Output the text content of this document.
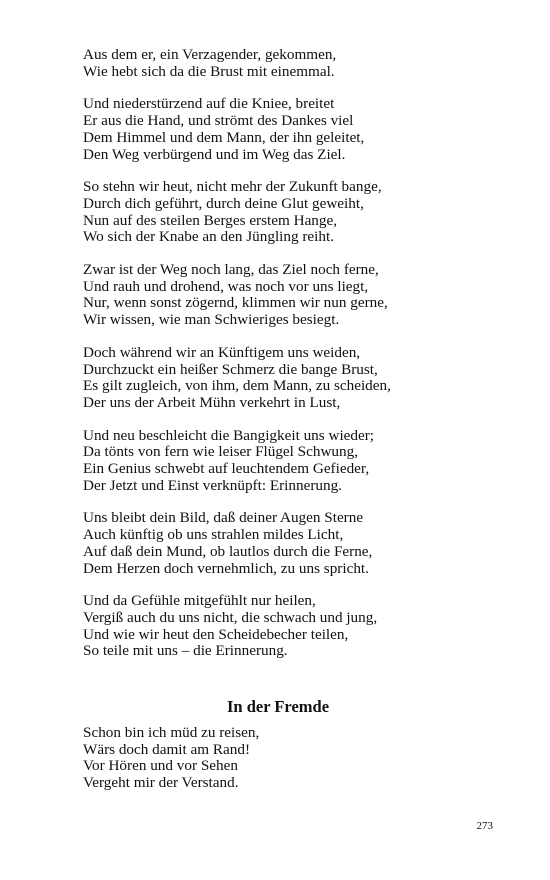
Aus dem er, ein Verzagender, gekommen,
Wie hebt sich da die Brust mit einemmal.
Und niederstürzend auf die Kniee, breitet
Er aus die Hand, und strömt des Dankes viel
Dem Himmel und dem Mann, der ihn geleitet,
Den Weg verbürgend und im Weg das Ziel.
So stehn wir heut, nicht mehr der Zukunft bange,
Durch dich geführt, durch deine Glut geweiht,
Nun auf des steilen Berges erstem Hange,
Wo sich der Knabe an den Jüngling reiht.
Zwar ist der Weg noch lang, das Ziel noch ferne,
Und rauh und drohend, was noch vor uns liegt,
Nur, wenn sonst zögernd, klimmen wir nun gerne,
Wir wissen, wie man Schwieriges besiegt.
Doch während wir an Künftigem uns weiden,
Durchzuckt ein heißer Schmerz die bange Brust,
Es gilt zugleich, von ihm, dem Mann, zu scheiden,
Der uns der Arbeit Mühn verkehrt in Lust,
Und neu beschleicht die Bangigkeit uns wieder;
Da tönts von fern wie leiser Flügel Schwung,
Ein Genius schwebt auf leuchtendem Gefieder,
Der Jetzt und Einst verknüpft: Erinnerung.
Uns bleibt dein Bild, daß deiner Augen Sterne
Auch künftig ob uns strahlen mildes Licht,
Auf daß dein Mund, ob lautlos durch die Ferne,
Dem Herzen doch vernehmlich, zu uns spricht.
Und da Gefühle mitgefühlt nur heilen,
Vergiß auch du uns nicht, die schwach und jung,
Und wie wir heut den Scheidebecher teilen,
So teile mit uns – die Erinnerung.
In der Fremde
Schon bin ich müd zu reisen,
Wärs doch damit am Rand!
Vor Hören und vor Sehen
Vergeht mir der Verstand.
273
